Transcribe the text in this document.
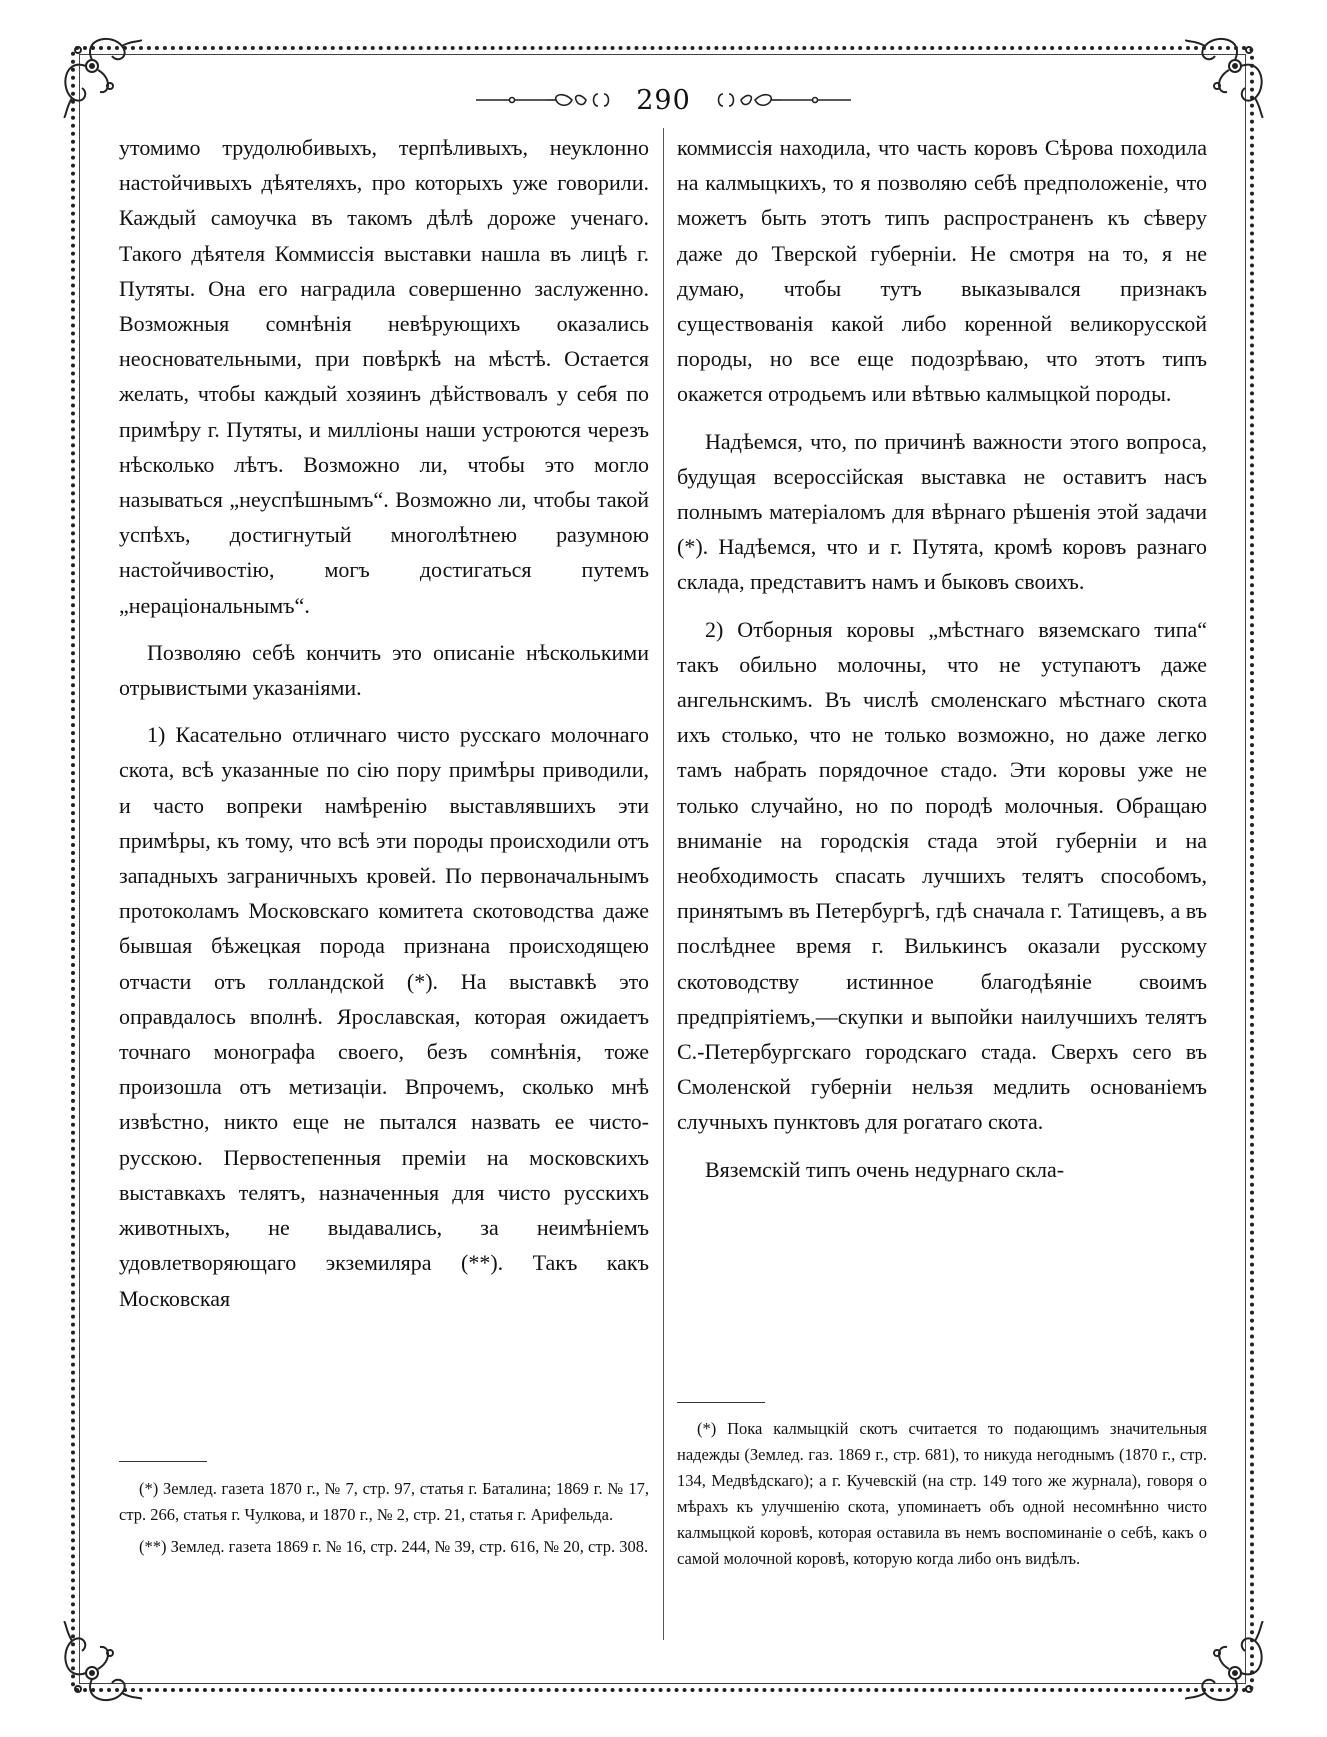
290

утомимо трудолюбивыхъ, терпѣливыхъ, неуклонно настойчивыхъ дѣятеляхъ, про которыхъ уже говорили. Каждый самоучка въ такомъ дѣлѣ дороже ученаго. Такого дѣятеля Коммиссія выставки нашла въ лицѣ г. Путяты. Она его наградила совершенно заслуженно. Возможныя сомнѣнія невѣрующихъ оказались неосновательными, при повѣркѣ на мѣстѣ. Остается желать, чтобы каждый хозяинъ дѣйствовалъ у себя по примѣру г. Путяты, и милліоны наши устроются черезъ нѣсколько лѣтъ. Возможно ли, чтобы это могло называться „неуспѣшнымъ“. Возможно ли, чтобы такой успѣхъ, достигнутый многолѣтнею разумною настойчивостію, могъ достигаться путемъ „нераціональнымъ“.

Позволяю себѣ кончить это описаніе нѣсколькими отрывистыми указаніями.

1) Касательно отличнаго чисто русскаго молочнаго скота, всѣ указанные по сію пору примѣры приводили, и часто вопреки намѣренію выставлявшихъ эти примѣры, къ тому, что всѣ эти породы происходили отъ западныхъ заграничныхъ кровей. По первоначальнымъ протоколамъ Московскаго комитета скотоводства даже бывшая бѣжецкая порода признана происходящею отчасти отъ голландской (*). На выставкѣ это оправдалось вполнѣ. Ярославская, которая ожидаетъ точнаго монографа своего, безъ сомнѣнія, тоже произошла отъ метизаціи. Впрочемъ, сколько мнѣ извѣстно, никто еще не пытался назвать ее чисто-русскою. Первостепенныя преміи на московскихъ выставкахъ телятъ, назначенныя для чисто русскихъ животныхъ, не выдавались, за неимѣніемъ удовлетворяющаго экземиляра (**). Такъ какъ Московская

коммиссія находила, что часть коровъ Сѣрова походила на калмыцкихъ, то я позволяю себѣ предположеніе, что можетъ быть этотъ типъ распространенъ къ сѣверу даже до Тверской губерніи. Не смотря на то, я не думаю, чтобы тутъ выказывался признакъ существованія какой либо коренной великорусской породы, но все еще подозрѣваю, что этотъ типъ окажется отродьемъ или вѣтвью калмыцкой породы.

Надѣемся, что, по причинѣ важности этого вопроса, будущая всероссійская выставка не оставитъ насъ полнымъ матеріаломъ для вѣрнаго рѣшенія этой задачи (*). Надѣемся, что и г. Путята, кромѣ коровъ разнаго склада, представитъ намъ и быковъ своихъ.

2) Отборныя коровы „мѣстнаго вяземскаго типа“ такъ обильно молочны, что не уступаютъ даже ангельнскимъ. Въ числѣ смоленскаго мѣстнаго скота ихъ столько, что не только возможно, но даже легко тамъ набрать порядочное стадо. Эти коровы уже не только случайно, но по породѣ молочныя. Обращаю вниманіе на городскія стада этой губерніи и на необходимость спасать лучшихъ телятъ способомъ, принятымъ въ Петербургѣ, гдѣ сначала г. Татищевъ, а въ послѣднее время г. Вилькинсъ оказали русскому скотоводству истинное благодѣяніе своимъ предпріятіемъ,—скупки и выпойки наилучшихъ телятъ С.-Петербургскаго городскаго стада. Сверхъ сего въ Смоленской губерніи нельзя медлить основаніемъ случныхъ пунктовъ для рогатаго скота.

Вяземскій типъ очень недурнаго скла-

(*) Землед. газета 1870 г., № 7, стр. 97, статья г. Баталина; 1869 г. № 17, стр. 266, статья г. Чулкова, и 1870 г., № 2, стр. 21, статья г. Арифельда.

(**) Землед. газета 1869 г. № 16, стр. 244, № 39, стр. 616, № 20, стр. 308.

(*) Пока калмыцкій скотъ считается то подающимъ значительныя надежды (Землед. газ. 1869 г., стр. 681), то никуда негоднымъ (1870 г., стр. 134, Медвѣдскаго); а г. Кучевскій (на стр. 149 того же журнала), говоря о мѣрахъ къ улучшенію скота, упоминаетъ объ одной несомнѣнно чисто калмыцкой коровѣ, которая оставила въ немъ воспоминаніе о себѣ, какъ о самой молочной коровѣ, которую когда либо онъ видѣлъ.
